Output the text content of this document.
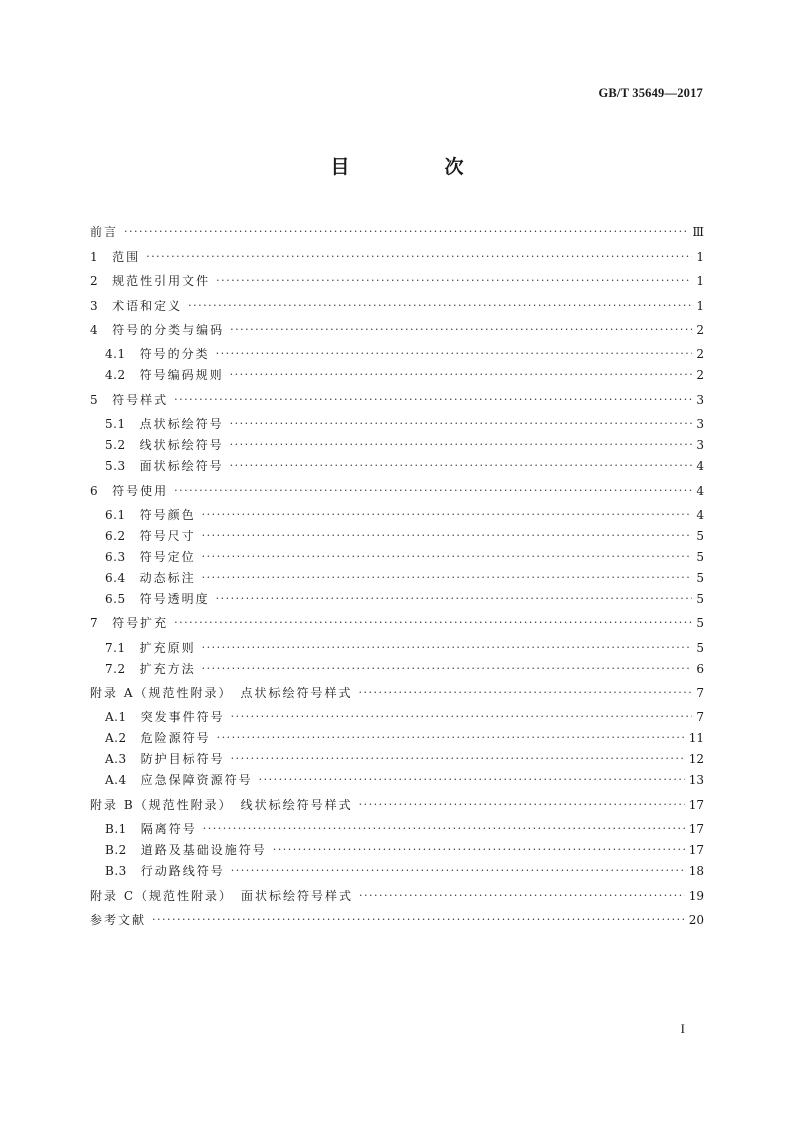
GB/T 35649—2017
目　次
前言 ·····	Ⅲ
1 范围 ·····	1
2 规范性引用文件 ·····	1
3 术语和定义 ·····	1
4 符号的分类与编码 ·····	2
4.1 符号的分类 ·····	2
4.2 符号编码规则 ·····	2
5 符号样式 ·····	3
5.1 点状标绘符号 ·····	3
5.2 线状标绘符号 ·····	3
5.3 面状标绘符号 ·····	4
6 符号使用 ·····	4
6.1 符号颜色 ·····	4
6.2 符号尺寸 ·····	5
6.3 符号定位 ·····	5
6.4 动态标注 ·····	5
6.5 符号透明度 ·····	5
7 符号扩充 ·····	5
7.1 扩充原则 ·····	5
7.2 扩充方法 ·····	6
附录 A（规范性附录）　点状标绘符号样式 ·····	7
A.1 突发事件符号 ·····	7
A.2 危险源符号 ·····	11
A.3 防护目标符号 ·····	12
A.4 应急保障资源符号 ·····	13
附录 B（规范性附录）　线状标绘符号样式 ·····	17
B.1 隔离符号 ·····	17
B.2 道路及基础设施符号 ·····	17
B.3 行动路线符号 ·····	18
附录 C（规范性附录）　面状标绘符号样式 ·····	19
参考文献 ·····	20
I
